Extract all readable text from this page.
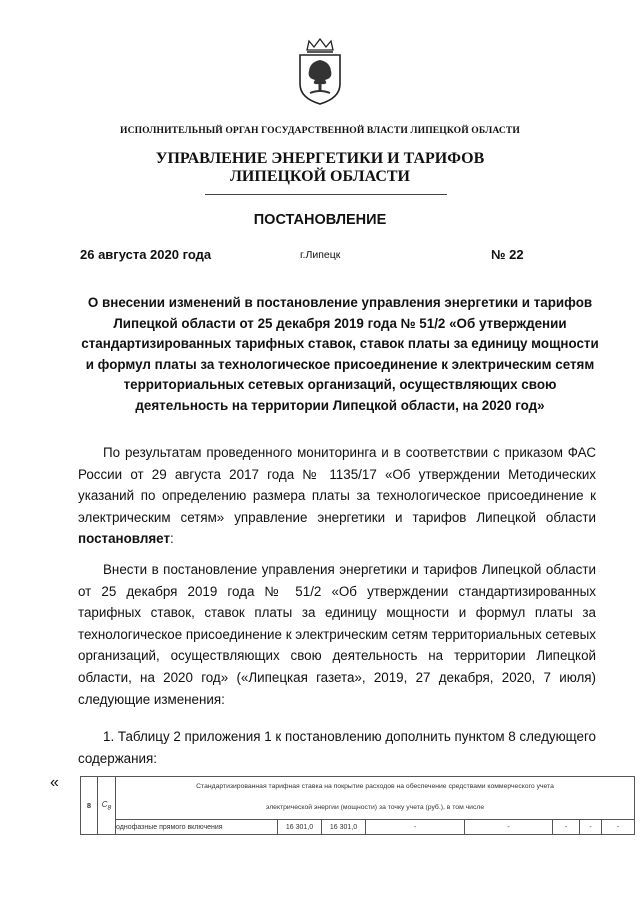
ИСПОЛНИТЕЛЬНЫЙ ОРГАН ГОСУДАРСТВЕННОЙ ВЛАСТИ ЛИПЕЦКОЙ ОБЛАСТИ
УПРАВЛЕНИЕ ЭНЕРГЕТИКИ И ТАРИФОВ
ЛИПЕЦКОЙ ОБЛАСТИ
ПОСТАНОВЛЕНИЕ
26 августа 2020 года	г.Липецк	№ 22
О внесении изменений в постановление управления энергетики и тарифов Липецкой области от 25 декабря 2019 года № 51/2 «Об утверждении стандартизированных тарифных ставок, ставок платы за единицу мощности и формул платы за технологическое присоединение к электрическим сетям территориальных сетевых организаций, осуществляющих свою деятельность на территории Липецкой области, на 2020 год»
По результатам проведенного мониторинга и в соответствии с приказом ФАС России от 29 августа 2017 года № 1135/17 «Об утверждении Методических указаний по определению размера платы за технологическое присоединение к электрическим сетям» управление энергетики и тарифов Липецкой области постановляет:
Внести в постановление управления энергетики и тарифов Липецкой области от 25 декабря 2019 года № 51/2 «Об утверждении стандартизированных тарифных ставок, ставок платы за единицу мощности и формул платы за технологическое присоединение к электрическим сетям территориальных сетевых организаций, осуществляющих свою деятельность на территории Липецкой области, на 2020 год» («Липецкая газета», 2019, 27 декабря, 2020, 7 июля) следующие изменения:
1. Таблицу 2 приложения 1 к постановлению дополнить пунктом 8 следующего содержания:
«
8	$C_8$	Стандартизированная тарифная ставка на покрытие расходов на обеспечение средствами коммерческого учета
электрической энергии (мощности) за точку учета (руб.), в том числе							

		однофазные прямого включения	16 301,0	16 301,0	-	-	-	-	-
